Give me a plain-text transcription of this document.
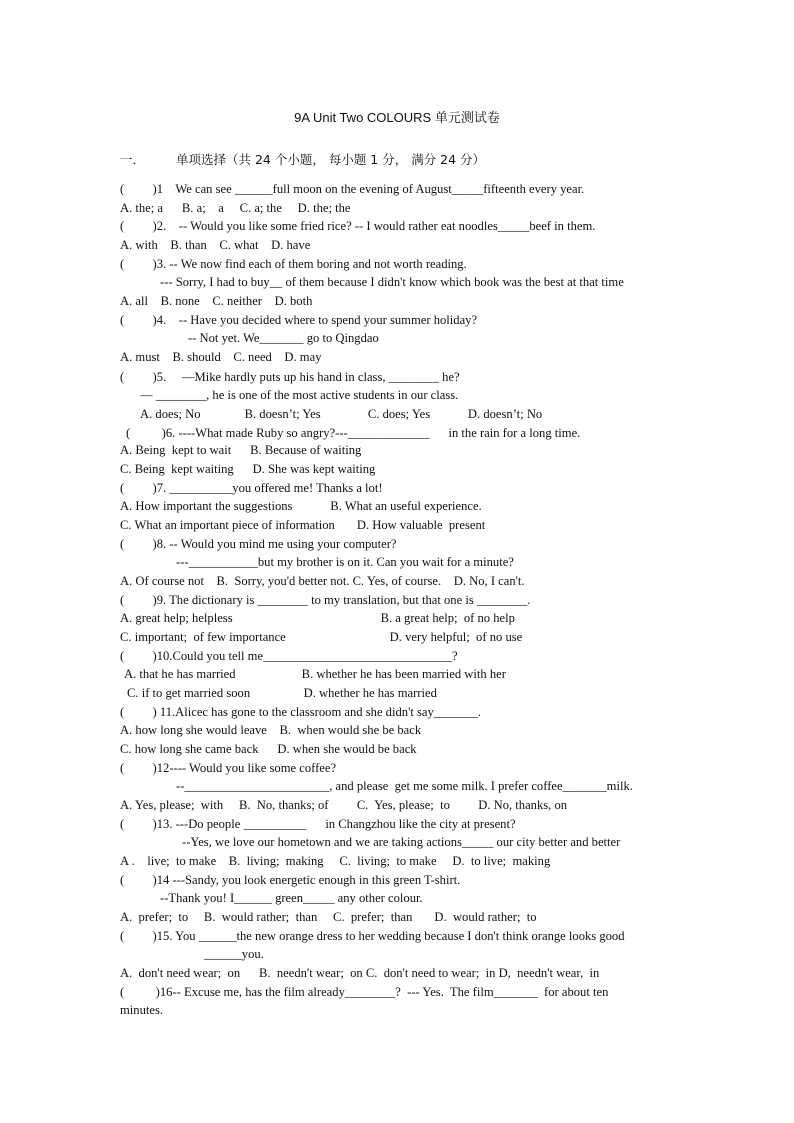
9A Unit Two COLOURS 单元测试卷
一． 单项选择（共 24 个小题， 每小题 1 分， 满分 24 分）
(         )1    We can see ______full moon on the evening of August_____fifteenth every year.
A. the; a      B. a;    a     C. a; the     D. the; the
(         )2.    -- Would you like some fried rice? -- I would rather eat noodles_____beef in them.
A. with    B. than    C. what    D. have
(         )3. -- We now find each of them boring and not worth reading.
--- Sorry, I had to buy__ of them because I didn't know which book was the best at that time
A. all    B. none    C. neither    D. both
(         )4.    -- Have you decided where to spend your summer holiday?
-- Not yet. We_______ go to Qingdao
A. must    B. should    C. need    D. may
(         )5.     —Mike hardly puts up his hand in class, ________ he?
— ________, he is one of the most active students in our class.
A. does; No              B. doesn’t; Yes               C. does; Yes            D. doesn’t; No
(          )6. ----What made Ruby so angry?---_____________      in the rain for a long time.
A. Being  kept to wait      B. Because of waiting
C. Being  kept waiting      D. She was kept waiting
(         )7. __________you offered me! Thanks a lot!
A. How important the suggestions            B. What an useful experience.
C. What an important piece of information       D. How valuable  present
(         )8. -- Would you mind me using your computer?
---___________but my brother is on it. Can you wait for a minute?
A. Of course not    B.  Sorry, you'd better not. C. Yes, of course.    D. No, I can't.
(         )9. The dictionary is ________ to my translation, but that one is ________.
A. great help; helpless                                               B. a great help;  of no help
C. important;  of few importance                                 D. very helpful;  of no use
(         )10.Could you tell me______________________________?
A. that he has married                     B. whether he has been married with her
C. if to get married soon                 D. whether he has married
(         ) 11.Alicec has gone to the classroom and she didn't say_______.
A. how long she would leave    B.  when would she be back
C. how long she came back      D. when she would be back
(         )12---- Would you like some coffee?
--_______________________, and please  get me some milk. I prefer coffee_______milk.
A. Yes, please;  with     B.  No, thanks; of         C.  Yes, please;  to         D. No, thanks, on
(         )13. ---Do people __________      in Changzhou like the city at present?
--Yes, we love our hometown and we are taking actions_____ our city better and better
A .    live;  to make    B.  living;  making     C.  living;  to make     D.  to live;  making
(         )14 ---Sandy, you look energetic enough in this green T-shirt.
--Thank you! I______ green_____ any other colour.
A.  prefer;  to     B.  would rather;  than     C.  prefer;  than       D.  would rather;  to
(         )15. You ______the new orange dress to her wedding because I don't think orange looks good
______you.
A.  don't need wear;  on      B.  needn't wear;  on C.  don't need to wear;  in D,  needn't wear,  in
(          )16-- Excuse me, has the film already________?  --- Yes.  The film_______  for about ten
minutes.
